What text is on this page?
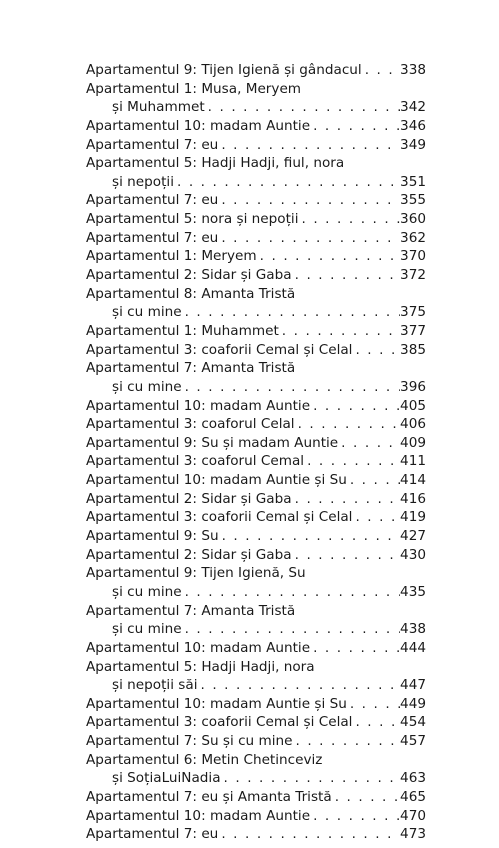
Apartamentul 9: Tijen Igienă și gândacul . . .	338
Apartamentul 1: Musa, Meryem
și Muhammet . . .	342
Apartamentul 10: madam Auntie . . .	346
Apartamentul 7: eu . . .	349
Apartamentul 5: Hadji Hadji, fiul, nora
și nepoții . . .	351
Apartamentul 7: eu . . .	355
Apartamentul 5: nora și nepoții . . .	360
Apartamentul 7: eu . . .	362
Apartamentul 1: Meryem . . .	370
Apartamentul 2: Sidar și Gaba . . .	372
Apartamentul 8: Amanta Tristă
și cu mine . . .	375
Apartamentul 1: Muhammet . . .	377
Apartamentul 3: coaforii Cemal și Celal . . .	385
Apartamentul 7: Amanta Tristă
și cu mine . . .	396
Apartamentul 10: madam Auntie . . .	405
Apartamentul 3: coaforul Celal . . .	406
Apartamentul 9: Su și madam Auntie . . .	409
Apartamentul 3: coaforul Cemal . . .	411
Apartamentul 10: madam Auntie și Su . . .	414
Apartamentul 2: Sidar și Gaba . . .	416
Apartamentul 3: coaforii Cemal și Celal . . .	419
Apartamentul 9: Su . . .	427
Apartamentul 2: Sidar și Gaba . . .	430
Apartamentul 9: Tijen Igienă, Su
și cu mine . . .	435
Apartamentul 7: Amanta Tristă
și cu mine . . .	438
Apartamentul 10: madam Auntie . . .	444
Apartamentul 5: Hadji Hadji, nora
și nepoții săi . . .	447
Apartamentul 10: madam Auntie și Su . . .	449
Apartamentul 3: coaforii Cemal și Celal . . .	454
Apartamentul 7: Su și cu mine . . .	457
Apartamentul 6: Metin Chetinceviz
și SoțiaLuiNadia . . .	463
Apartamentul 7: eu și Amanta Tristă . . .	465
Apartamentul 10: madam Auntie . . .	470
Apartamentul 7: eu . . .	473
